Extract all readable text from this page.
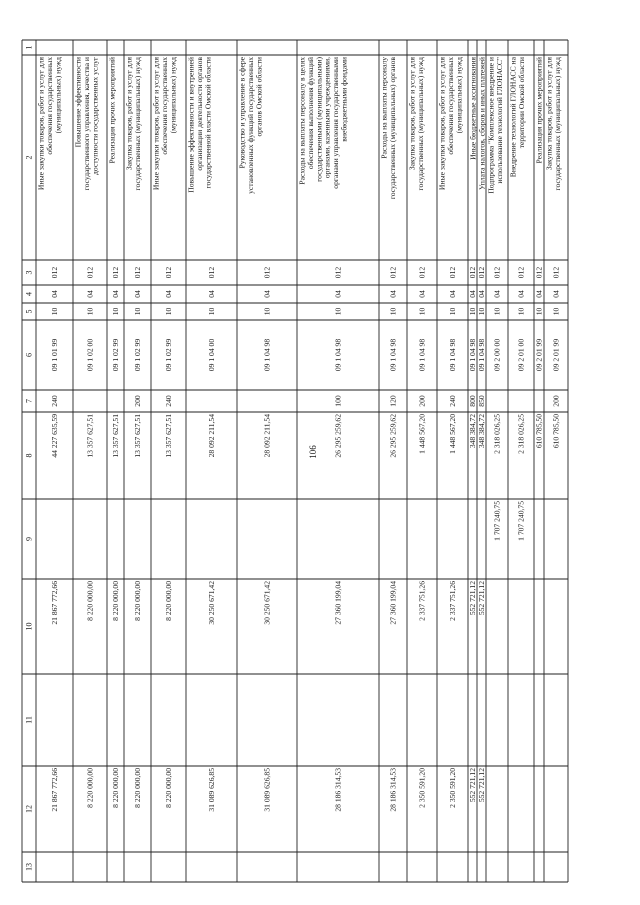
106
1
2
3
4
5
6
7
8
9
10
11
12
13
Иные закупки товаров, работ и услуг для обеспечения государственных (муниципальных) нужд
012
04
10
09 1 01 99
240
44 227 635,59
21 867 772,66
21 867 772,66
Повышение эффективности государственного управления, качества и доступности государственных услуг
012
04
10
09 1 02 00
13 357 627,51
8 220 000,00
8 220 000,00
Реализация прочих мероприятий
012
04
10
09 1 02 99
13 357 627,51
8 220 000,00
8 220 000,00
Закупка товаров, работ и услуг для государственных (муниципальных) нужд
012
04
10
09 1 02 99
200
13 357 627,51
8 220 000,00
8 220 000,00
Иные закупки товаров, работ и услуг для обеспечения государственных (муниципальных) нужд
012
04
10
09 1 02 99
240
13 357 627,51
8 220 000,00
8 220 000,00
Повышение эффективности и внутренней организации деятельности органов государственной власти Омской области
012
04
10
09 1 04 00
28 092 211,54
30 250 671,42
31 089 626,85
Руководство и управление в сфере установленных функций государственных органов Омской области
012
04
10
09 1 04 98
28 092 211,54
30 250 671,42
31 089 626,85
Расходы на выплаты персоналу в целях обеспечения выполнения функций государственными (муниципальными) органами, казенными учреждениями, органами управления государственными внебюджетными фондами
012
04
10
09 1 04 98
100
26 295 259,62
27 360 199,04
28 186 314,53
Расходы на выплаты персоналу государственных (муниципальных) органов
012
04
10
09 1 04 98
120
26 295 259,62
27 360 199,04
28 186 314,53
Закупка товаров, работ и услуг для государственных (муниципальных) нужд
012
04
10
09 1 04 98
200
1 448 567,20
2 337 751,26
2 350 591,20
Иные закупки товаров, работ и услуг для обеспечения государственных (муниципальных) нужд
012
04
10
09 1 04 98
240
1 448 567,20
2 337 751,26
2 350 591,20
Иные бюджетные ассигнования
012
04
10
09 1 04 98
800
348 384,72
552 721,12
552 721,12
Уплата налогов, сборов и иных платежей
012
04
10
09 1 04 98
850
348 384,72
552 721,12
552 721,12
Подпрограмма "Комплексное внедрение и использование технологий ГЛОНАСС"
012
04
10
09 2 00 00
2 318 026,25
1 707 240,75
Внедрение технологий ГЛОНАСС на территории Омской области
012
04
10
09 2 01 00
2 318 026,25
1 707 240,75
Реализация прочих мероприятий
012
04
10
09 2 01 99
610 785,50
Закупка товаров, работ и услуг для государственных (муниципальных) нужд
012
04
10
09 2 01 99
200
610 785,50
